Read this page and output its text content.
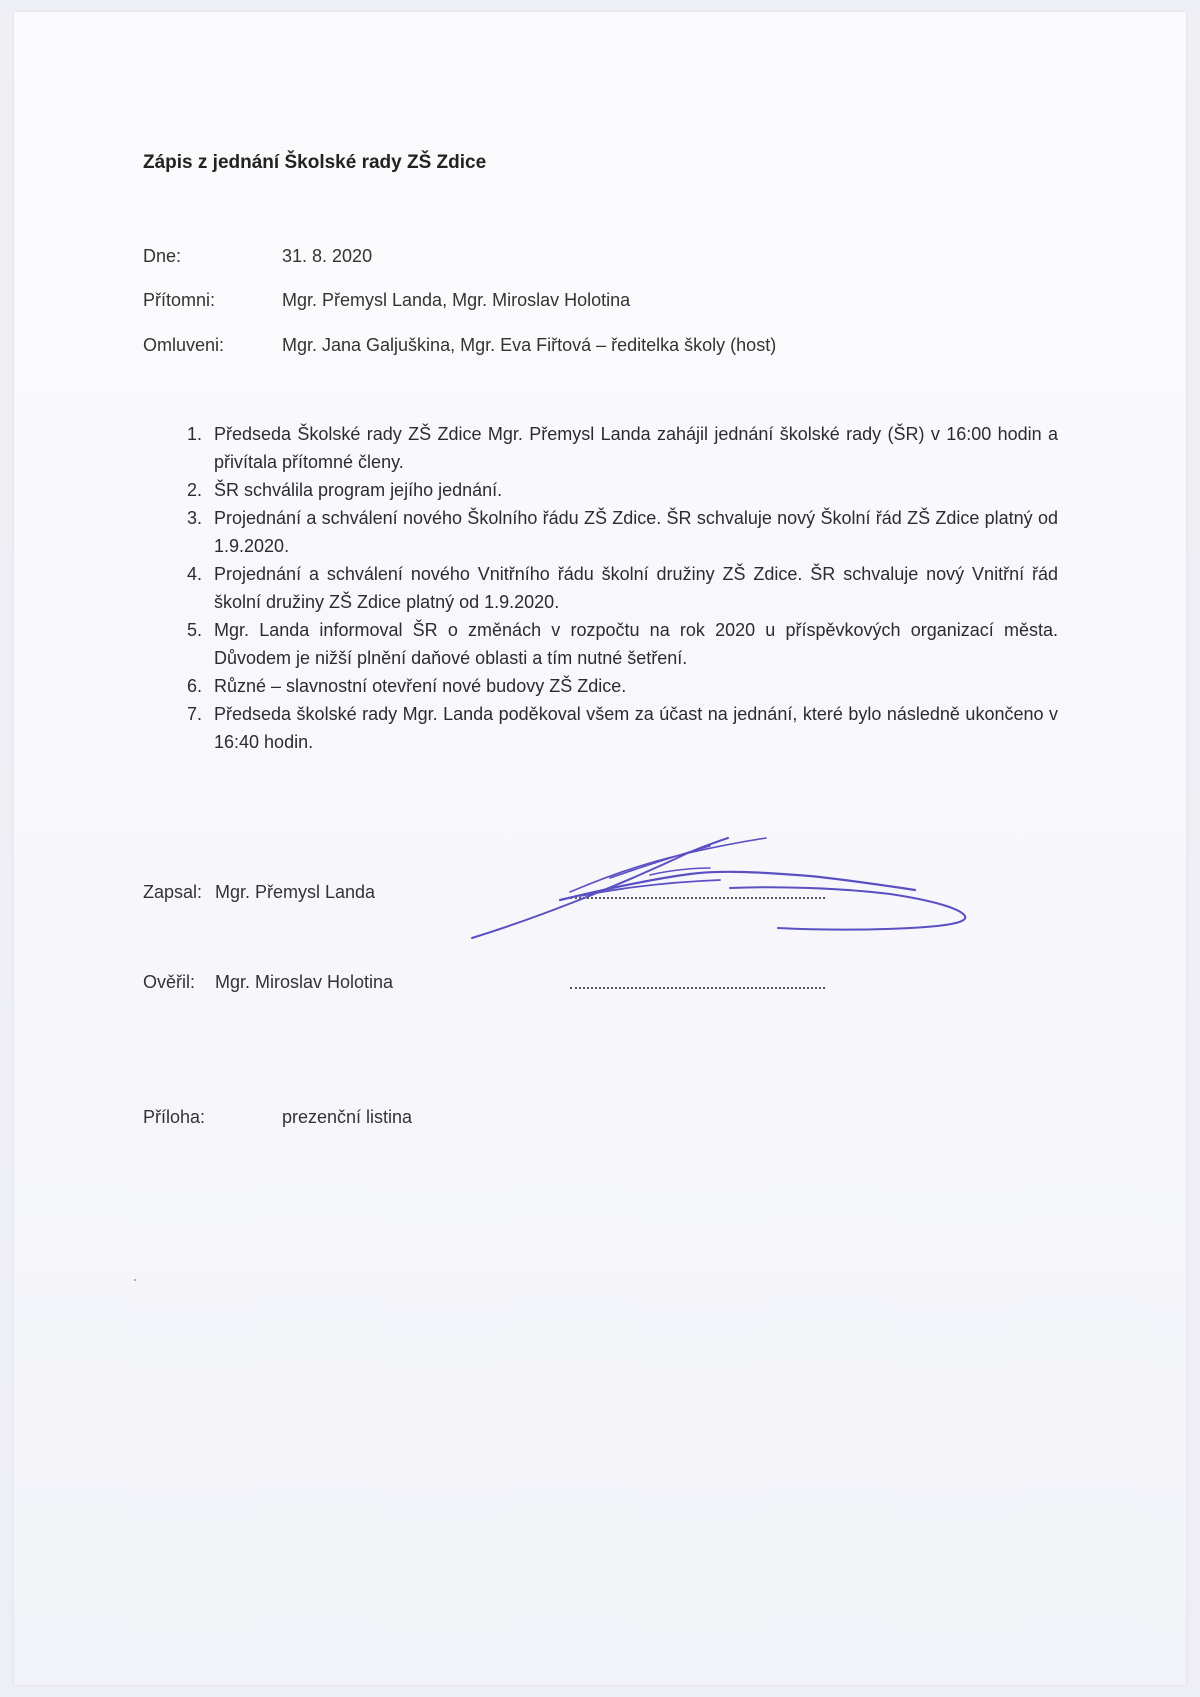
Zápis z jednání Školské rady ZŠ Zdice
Dne:	31. 8. 2020
Přítomni:	Mgr. Přemysl Landa, Mgr. Miroslav Holotina
Omluveni:	Mgr. Jana Galjuškina, Mgr. Eva Fiřtová – ředitelka školy (host)
1. Předseda Školské rady ZŠ Zdice Mgr. Přemysl Landa zahájil jednání školské rady (ŠR) v 16:00 hodin a přivítala přítomné členy.
2. ŠR schválila program jejího jednání.
3. Projednání a schválení nového Školního řádu ZŠ Zdice. ŠR schvaluje nový Školní řád ZŠ Zdice platný od 1.9.2020.
4. Projednání a schválení nového Vnitřního řádu školní družiny ZŠ Zdice. ŠR schvaluje nový Vnitřní řád školní družiny ZŠ Zdice platný od 1.9.2020.
5. Mgr. Landa informoval ŠR o změnách v rozpočtu na rok 2020 u příspěvkových organizací města. Důvodem je nižší plnění daňové oblasti a tím nutné šetření.
6. Různé – slavnostní otevření nové budovy ZŠ Zdice.
7. Předseda školské rady Mgr. Landa poděkoval všem za účast na jednání, které bylo následně ukončeno v 16:40 hodin.
Zapsal: Mgr. Přemysl Landa
Ověřil: Mgr. Miroslav Holotina
Příloha:	prezenční listina
